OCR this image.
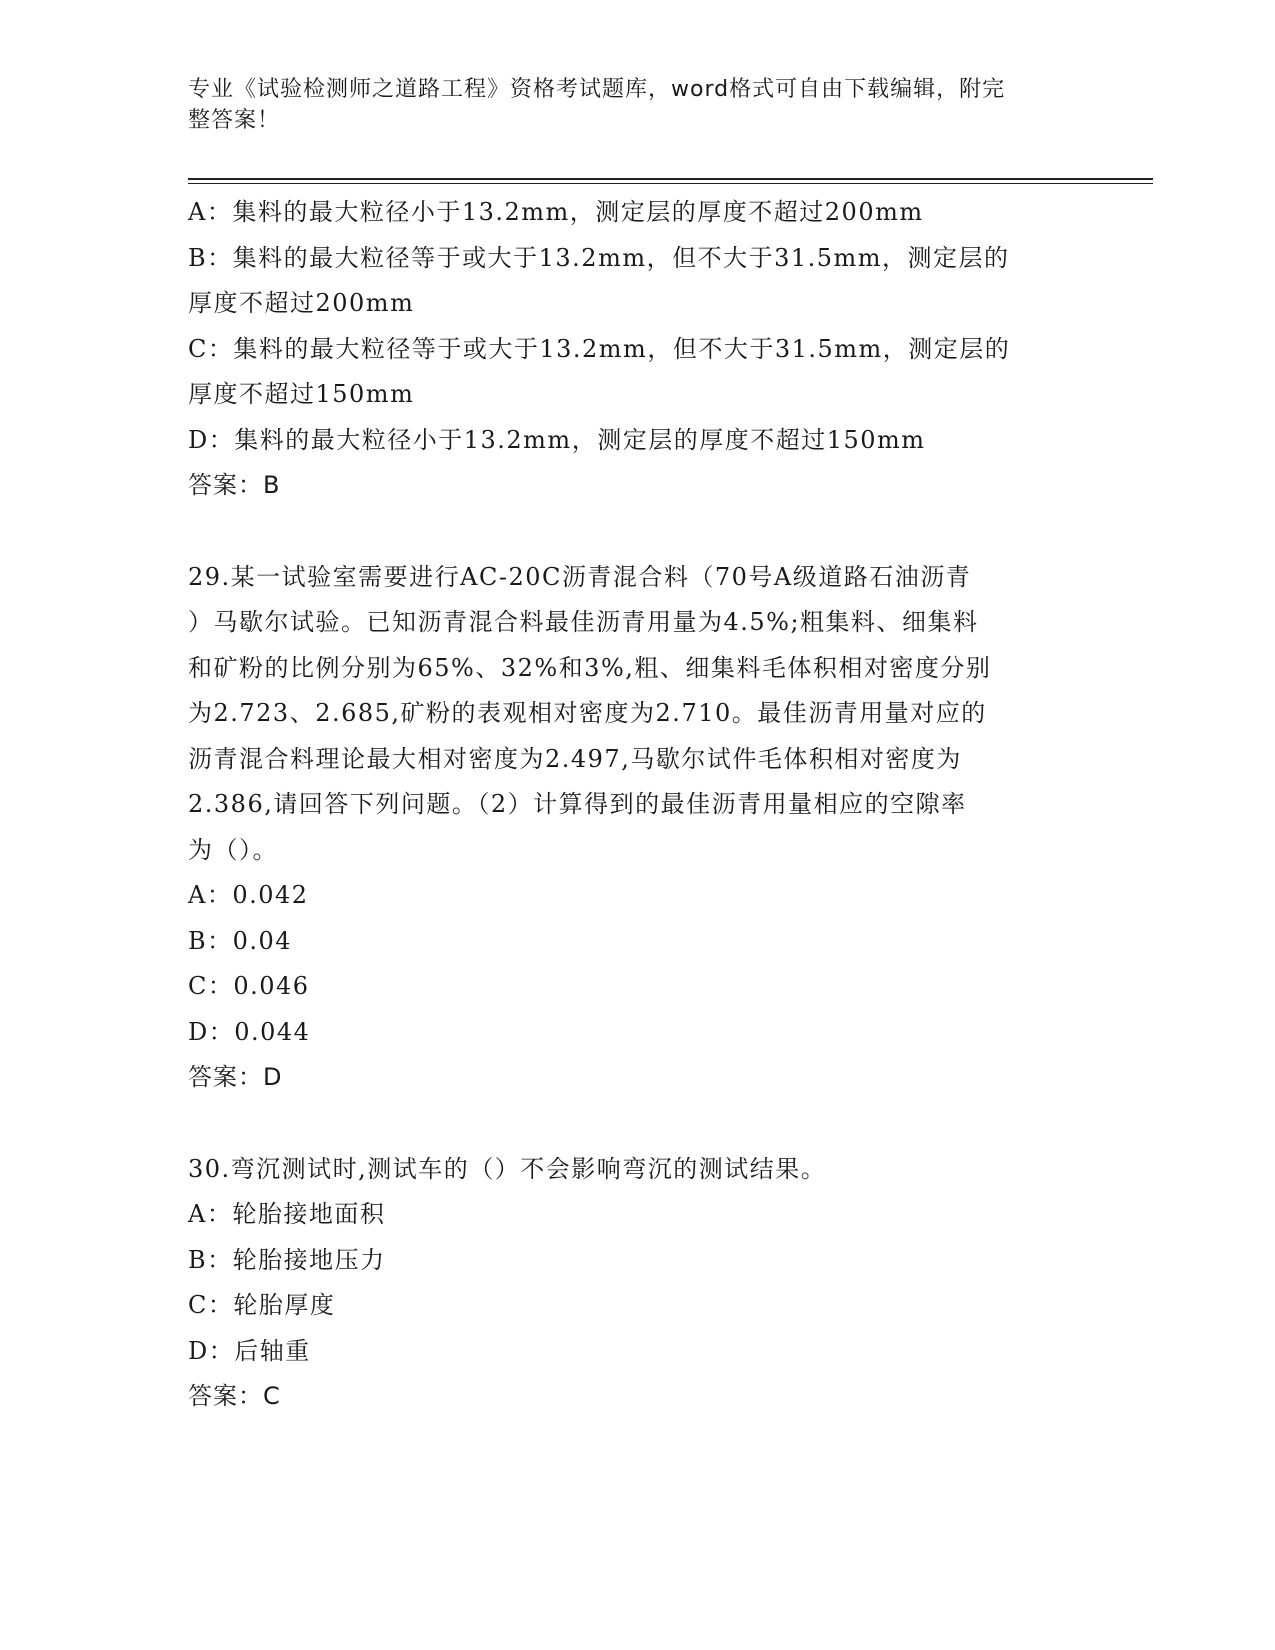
专业《试验检测师之道路工程》资格考试题库，word格式可自由下载编辑，附完
整答案！

A：集料的最大粒径小于13.2mm，测定层的厚度不超过200mm

B：集料的最大粒径等于或大于13.2mm，但不大于31.5mm，测定层的

厚度不超过200mm

C：集料的最大粒径等于或大于13.2mm，但不大于31.5mm，测定层的

厚度不超过150mm

D：集料的最大粒径小于13.2mm，测定层的厚度不超过150mm

答案：B

29.某一试验室需要进行AC-20C沥青混合料（70号A级道路石油沥青

）马歇尔试验。已知沥青混合料最佳沥青用量为4.5%;粗集料、细集料

和矿粉的比例分别为65%、32%和3%,粗、细集料毛体积相对密度分别

为2.723、2.685,矿粉的表观相对密度为2.710。最佳沥青用量对应的

沥青混合料理论最大相对密度为2.497,马歇尔试件毛体积相对密度为

2.386,请回答下列问题。（2）计算得到的最佳沥青用量相应的空隙率

为（）。

A：0.042

B：0.04

C：0.046

D：0.044

答案：D

30.弯沉测试时,测试车的（）不会影响弯沉的测试结果。

A：轮胎接地面积

B：轮胎接地压力

C：轮胎厚度

D：后轴重

答案：C
